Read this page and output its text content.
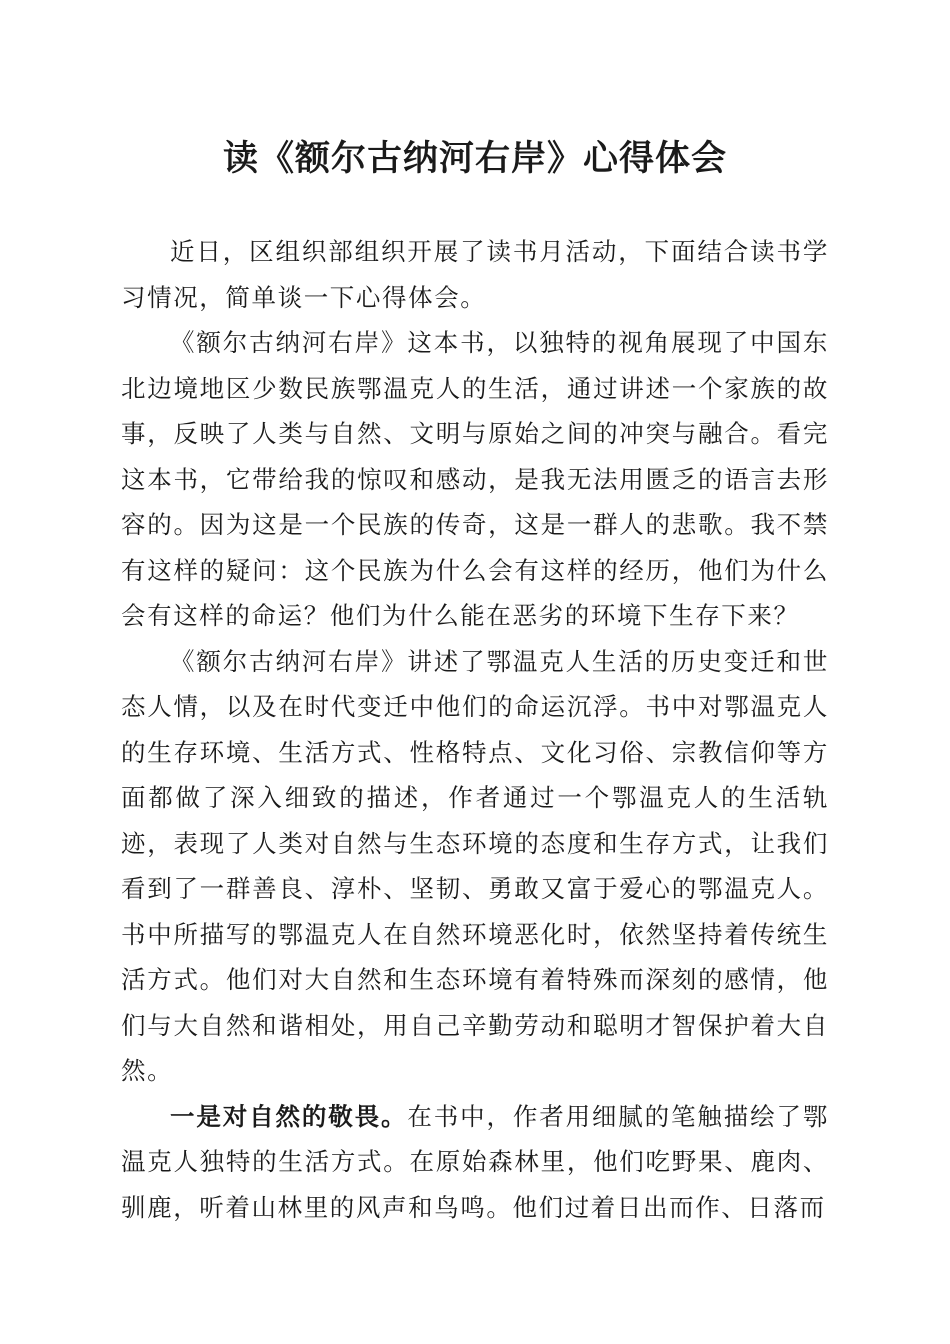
读《额尔古纳河右岸》心得体会

近日，区组织部组织开展了读书月活动，下面结合读书学习情况，简单谈一下心得体会。

《额尔古纳河右岸》这本书，以独特的视角展现了中国东北边境地区少数民族鄂温克人的生活，通过讲述一个家族的故事，反映了人类与自然、文明与原始之间的冲突与融合。看完这本书，它带给我的惊叹和感动，是我无法用匮乏的语言去形容的。因为这是一个民族的传奇，这是一群人的悲歌。我不禁有这样的疑问：这个民族为什么会有这样的经历，他们为什么会有这样的命运？他们为什么能在恶劣的环境下生存下来？

《额尔古纳河右岸》讲述了鄂温克人生活的历史变迁和世态人情，以及在时代变迁中他们的命运沉浮。书中对鄂温克人的生存环境、生活方式、性格特点、文化习俗、宗教信仰等方面都做了深入细致的描述，作者通过一个鄂温克人的生活轨迹，表现了人类对自然与生态环境的态度和生存方式，让我们看到了一群善良、淳朴、坚韧、勇敢又富于爱心的鄂温克人。书中所描写的鄂温克人在自然环境恶化时，依然坚持着传统生活方式。他们对大自然和生态环境有着特殊而深刻的感情，他们与大自然和谐相处，用自己辛勤劳动和聪明才智保护着大自然。

一是对自然的敬畏。在书中，作者用细腻的笔触描绘了鄂温克人独特的生活方式。在原始森林里，他们吃野果、鹿肉、驯鹿，听着山林里的风声和鸟鸣。他们过着日出而作、日落而
